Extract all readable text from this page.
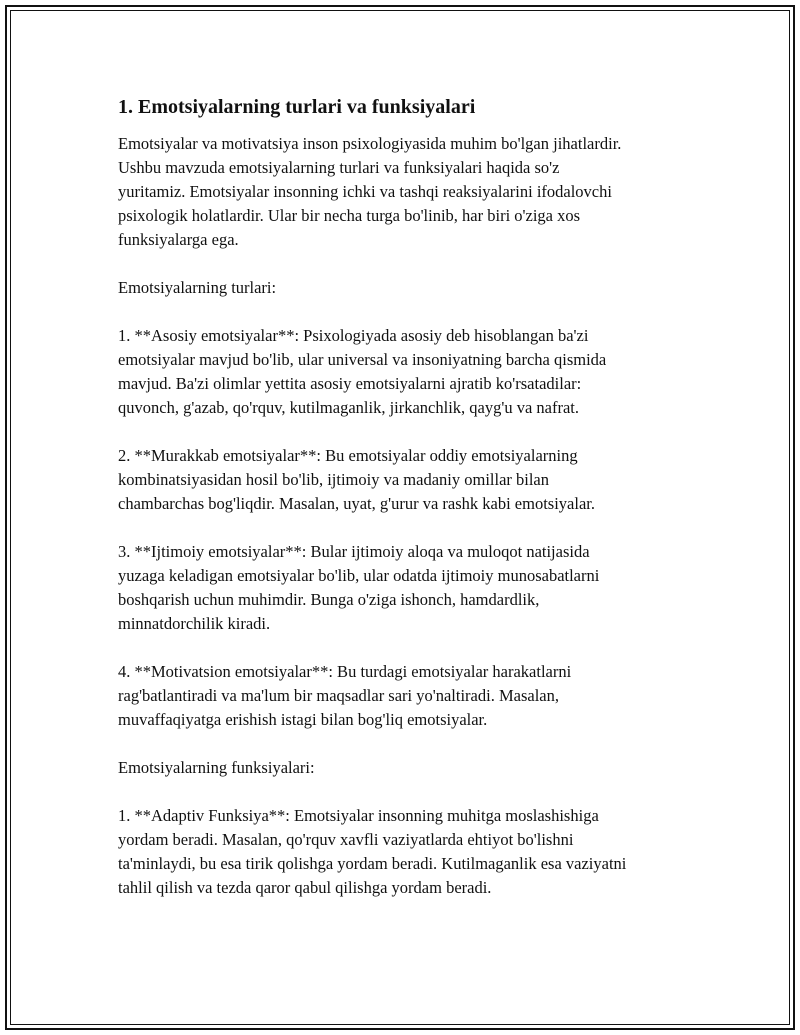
1. Emotsiyalarning turlari va funksiyalari
Emotsiyalar va motivatsiya inson psixologiyasida muhim bo'lgan jihatlardir.
Ushbu mavzuda emotsiyalarning turlari va funksiyalari haqida so'z
yuritamiz. Emotsiyalar insonning ichki va tashqi reaksiyalarini ifodalovchi
psixologik holatlardir. Ular bir necha turga bo'linib, har biri o'ziga xos
funksiyalarga ega.
Emotsiyalarning turlari:
1. **Asosiy emotsiyalar**: Psixologiyada asosiy deb hisoblangan ba'zi
emotsiyalar mavjud bo'lib, ular universal va insoniyatning barcha qismida
mavjud. Ba'zi olimlar yettita asosiy emotsiyalarni ajratib ko'rsatadilar:
quvonch, g'azab, qo'rquv, kutilmaganlik, jirkanchlik, qayg'u va nafrat.
2. **Murakkab emotsiyalar**: Bu emotsiyalar oddiy emotsiyalarning
kombinatsiyasidan hosil bo'lib, ijtimoiy va madaniy omillar bilan
chambarchas bog'liqdir. Masalan, uyat, g'urur va rashk kabi emotsiyalar.
3. **Ijtimoiy emotsiyalar**: Bular ijtimoiy aloqa va muloqot natijasida
yuzaga keladigan emotsiyalar bo'lib, ular odatda ijtimoiy munosabatlarni
boshqarish uchun muhimdir. Bunga o'ziga ishonch, hamdardlik,
minnatdorchilik kiradi.
4. **Motivatsion emotsiyalar**: Bu turdagi emotsiyalar harakatlarni
rag'batlantiradi va ma'lum bir maqsadlar sari yo'naltiradi. Masalan,
muvaffaqiyatga erishish istagi bilan bog'liq emotsiyalar.
Emotsiyalarning funksiyalari:
1. **Adaptiv Funksiya**: Emotsiyalar insonning muhitga moslashishiga
yordam beradi. Masalan, qo'rquv xavfli vaziyatlarda ehtiyot bo'lishni
ta'minlaydi, bu esa tirik qolishga yordam beradi. Kutilmaganlik esa vaziyatni
tahlil qilish va tezda qaror qabul qilishga yordam beradi.
